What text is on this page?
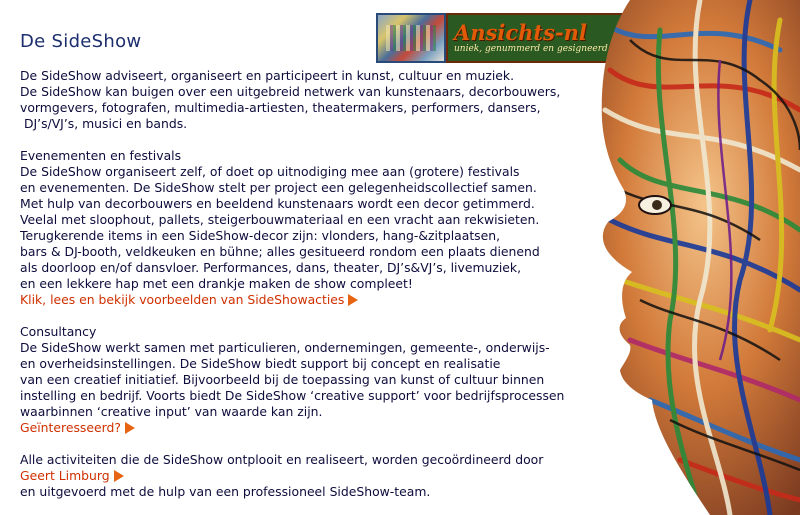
De SideShow	Ansichts-nl
uniek, genummerd en gesigneerd

De SideShow adviseert, organiseert en participeert in kunst, cultuur en muziek.

De SideShow kan buigen over een uitgebreid netwerk van kunstenaars, decorbouwers,

vormgevers, fotografen, multimedia-artiesten, theatermakers, performers, dansers,

DJ’s/VJ’s, musici en bands.

Evenementen en festivals

De SideShow organiseert zelf, of doet op uitnodiging mee aan (grotere) festivals

en evenementen. De SideShow stelt per project een gelegenheidscollectief samen.

Met hulp van decorbouwers en beeldend kunstenaars wordt een decor getimmerd.

Veelal met sloophout, pallets, steigerbouwmateriaal en een vracht aan rekwisieten.

Terugkerende items in een SideShow-decor zijn: vlonders, hang-&zitplaatsen,

bars & DJ-booth, veldkeuken en bühne; alles gesitueerd rondom een plaats dienend

als doorloop en/of dansvloer. Performances, dans, theater, DJ’s&VJ’s, livemuziek,

en een lekkere hap met een drankje maken de show compleet!

Klik, lees en bekijk voorbeelden van SideShowacties

Consultancy

De SideShow werkt samen met particulieren, ondernemingen, gemeente-, onderwijs-

en overheidsinstellingen. De SideShow biedt support bij concept en realisatie

van een creatief initiatief. Bijvoorbeeld bij de toepassing van kunst of cultuur binnen

instelling en bedrijf. Voorts biedt De SideShow ‘creative support’ voor bedrijfsprocessen

waarbinnen ‘creative input’ van waarde kan zijn.

Geïnteresseerd?

Alle activiteiten die de SideShow ontplooit en realiseert, worden gecoördineerd door
Geert Limburg

en uitgevoerd met de hulp van een professioneel SideShow-team.
